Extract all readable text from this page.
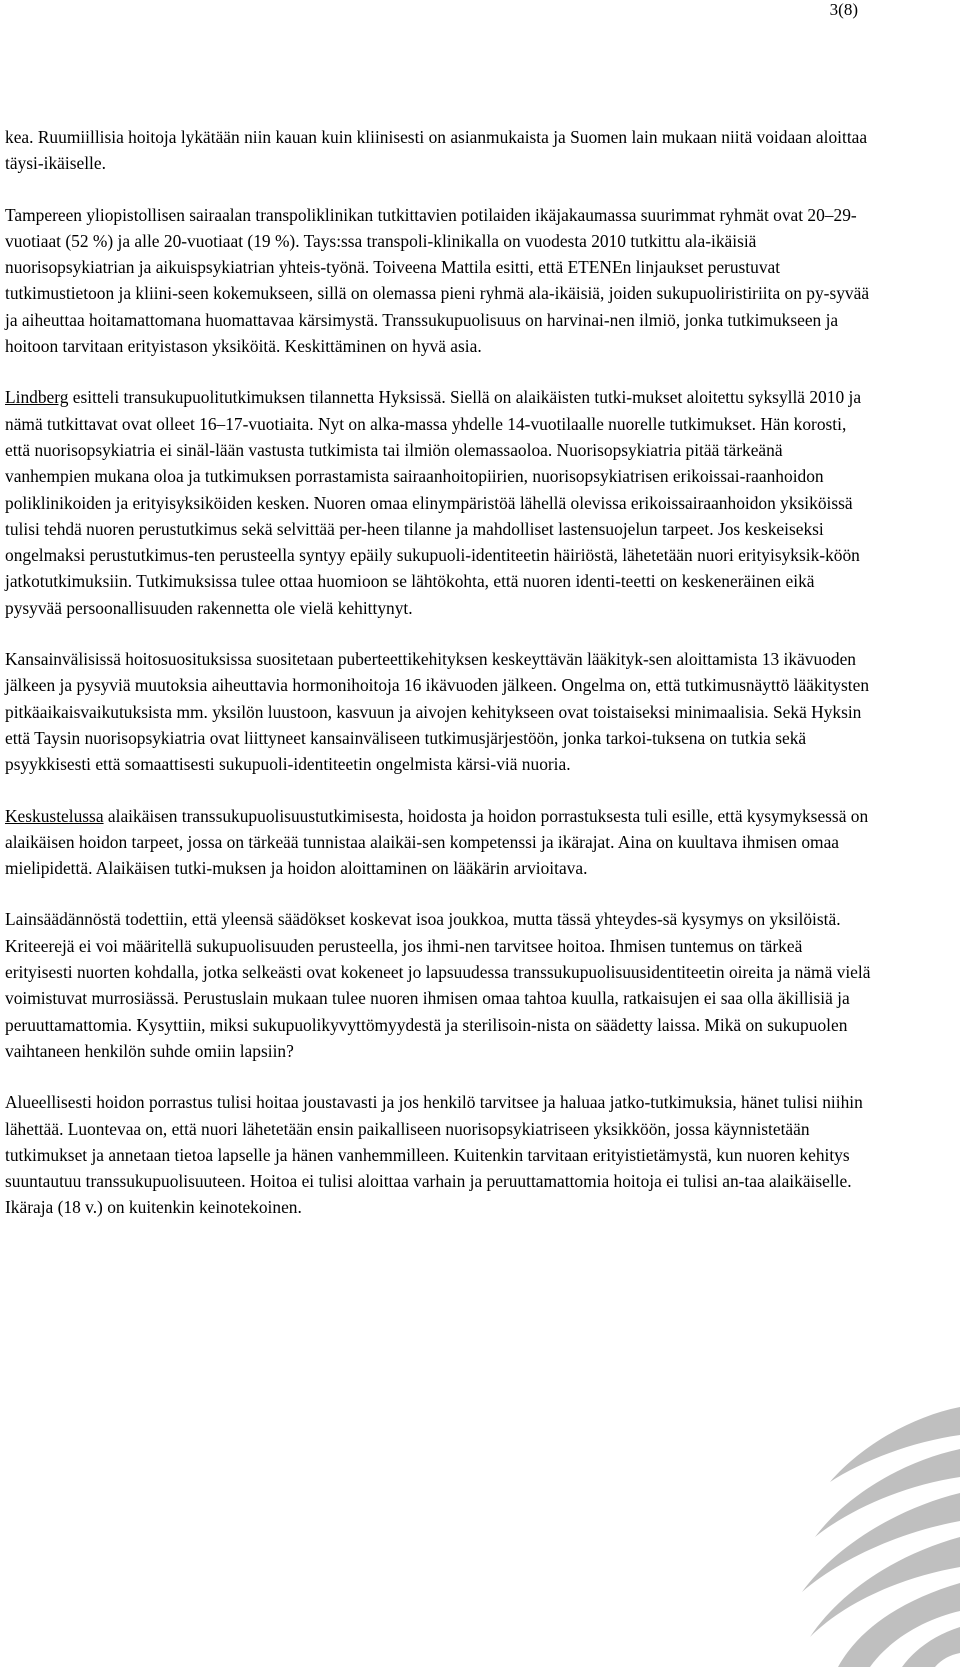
3(8)

kea. Ruumiillisia hoitoja lykätään niin kauan kuin kliinisesti on asianmukaista ja Suomen lain mukaan niitä voidaan aloittaa täysi-ikäiselle.

Tampereen yliopistollisen sairaalan transpoliklinikan tutkittavien potilaiden ikäjakaumassa suurimmat ryhmät ovat 20–29-vuotiaat (52 %) ja alle 20-vuotiaat (19 %). Tays:ssa transpoli-klinikalla on vuodesta 2010 tutkittu ala-ikäisiä nuorisopsykiatrian ja aikuispsykiatrian yhteis-työnä. Toiveena Mattila esitti, että ETENEn linjaukset perustuvat tutkimustietoon ja kliini-seen kokemukseen, sillä on olemassa pieni ryhmä ala-ikäisiä, joiden sukupuoliristiriita on py-syvää ja aiheuttaa hoitamattomana huomattavaa kärsimystä. Transsukupuolisuus on harvinai-nen ilmiö, jonka tutkimukseen ja hoitoon tarvitaan erityistason yksiköitä. Keskittäminen on hyvä asia.

Lindberg esitteli transukupuolitutkimuksen tilannetta Hyksissä. Siellä on alaikäisten tutki-mukset aloitettu syksyllä 2010 ja nämä tutkittavat ovat olleet 16–17-vuotiaita. Nyt on alka-massa yhdelle 14-vuotilaalle nuorelle tutkimukset. Hän korosti, että nuorisopsykiatria ei sinäl-lään vastusta tutkimista tai ilmiön olemassaoloa. Nuorisopsykiatria pitää tärkeänä vanhempien mukana oloa ja tutkimuksen porrastamista sairaanhoitopiirien, nuorisopsykiatrisen erikoissai-raanhoidon poliklinikoiden ja erityisyksiköiden kesken. Nuoren omaa elinympäristöä lähellä olevissa erikoissairaanhoidon yksiköissä tulisi tehdä nuoren perustutkimus sekä selvittää per-heen tilanne ja mahdolliset lastensuojelun tarpeet. Jos keskeiseksi ongelmaksi perustutkimus-ten perusteella syntyy epäily sukupuoli-identiteetin häiriöstä, lähetetään nuori erityisyksik-köön jatkotutkimuksiin. Tutkimuksissa tulee ottaa huomioon se lähtökohta, että nuoren identi-teetti on keskeneräinen eikä pysyvää persoonallisuuden rakennetta ole vielä kehittynyt.

Kansainvälisissä hoitosuosituksissa suositetaan puberteettikehityksen keskeyttävän lääkityk-sen aloittamista 13 ikävuoden jälkeen ja pysyviä muutoksia aiheuttavia hormonihoitoja 16 ikävuoden jälkeen. Ongelma on, että tutkimusnäyttö lääkitysten pitkäaikaisvaikutuksista mm. yksilön luustoon, kasvuun ja aivojen kehitykseen ovat toistaiseksi minimaalisia. Sekä Hyksin että Taysin nuorisopsykiatria ovat liittyneet kansainväliseen tutkimusjärjestöön, jonka tarkoi-tuksena on tutkia sekä psyykkisesti että somaattisesti sukupuoli-identiteetin ongelmista kärsi-viä nuoria.

Keskustelussa alaikäisen transsukupuolisuustutkimisesta, hoidosta ja hoidon porrastuksesta tuli esille, että kysymyksessä on alaikäisen hoidon tarpeet, jossa on tärkeää tunnistaa alaikäi-sen kompetenssi ja ikärajat. Aina on kuultava ihmisen omaa mielipidettä. Alaikäisen tutki-muksen ja hoidon aloittaminen on lääkärin arvioitava.

Lainsäädännöstä todettiin, että yleensä säädökset koskevat isoa joukkoa, mutta tässä yhteydes-sä kysymys on yksilöistä. Kriteerejä ei voi määritellä sukupuolisuuden perusteella, jos ihmi-nen tarvitsee hoitoa. Ihmisen tuntemus on tärkeä erityisesti nuorten kohdalla, jotka selkeästi ovat kokeneet jo lapsuudessa transsukupuolisuusidentiteetin oireita ja nämä vielä voimistuvat murrosiässä. Perustuslain mukaan tulee nuoren ihmisen omaa tahtoa kuulla, ratkaisujen ei saa olla äkillisiä ja peruuttamattomia. Kysyttiin, miksi sukupuolikyvyttömyydestä ja sterilisoin-nista on säädetty laissa. Mikä on sukupuolen vaihtaneen henkilön suhde omiin lapsiin?

Alueellisesti hoidon porrastus tulisi hoitaa joustavasti ja jos henkilö tarvitsee ja haluaa jatko-tutkimuksia, hänet tulisi niihin lähettää. Luontevaa on, että nuori lähetetään ensin paikalliseen nuorisopsykiatriseen yksikköön, jossa käynnistetään tutkimukset ja annetaan tietoa lapselle ja hänen vanhemmilleen. Kuitenkin tarvitaan erityistietämystä, kun nuoren kehitys suuntautuu transsukupuolisuuteen. Hoitoa ei tulisi aloittaa varhain ja peruuttamattomia hoitoja ei tulisi an-taa alaikäiselle. Ikäraja (18 v.) on kuitenkin keinotekoinen.
